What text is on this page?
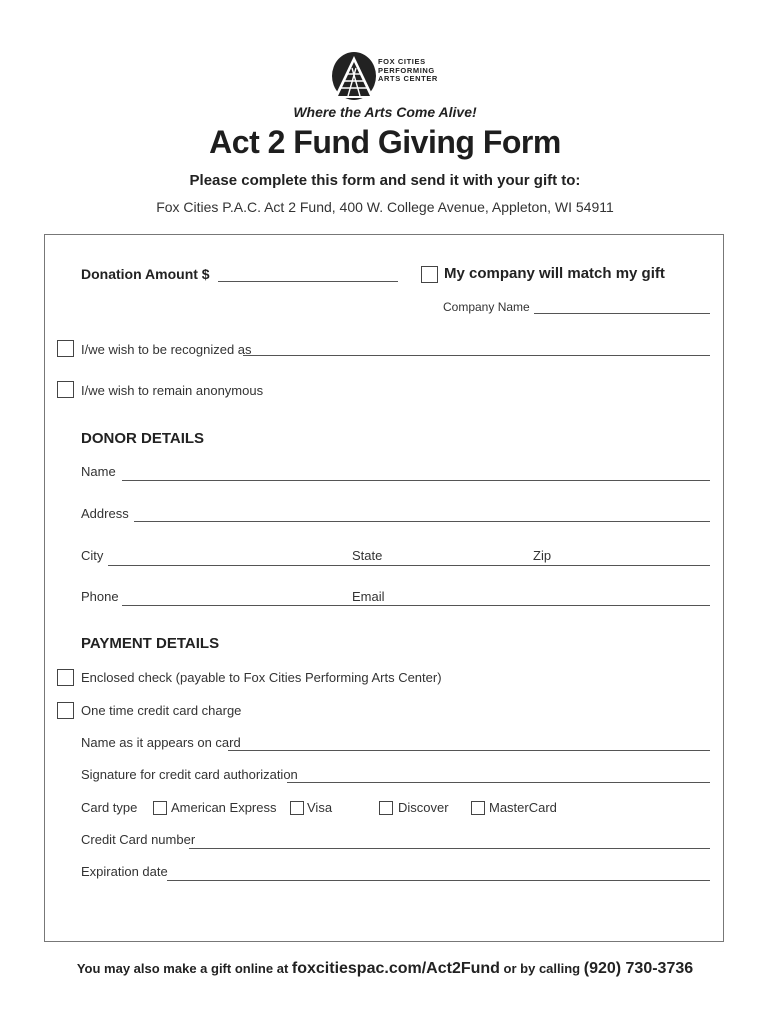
FOX CITIES
PERFORMING
ARTS CENTER
Where the Arts Come Alive!
Act 2 Fund Giving Form
Please complete this form and send it with your gift to:
Fox Cities P.A.C. Act 2 Fund, 400 W. College Avenue, Appleton, WI 54911
Donation Amount $	My company will match my gift
Company Name
I/we wish to be recognized as
I/we wish to remain anonymous
DONOR DETAILS
Name
Address
City	State	Zip
Phone	Email
PAYMENT DETAILS
Enclosed check (payable to Fox Cities Performing Arts Center)
One time credit card charge
Name as it appears on card
Signature for credit card authorization
Card type	American Express Visa	Discover	MasterCard
Credit Card number
Expiration date
You may also make a gift online at foxcitiespac.com/Act2Fund or by calling (920) 730-3736
